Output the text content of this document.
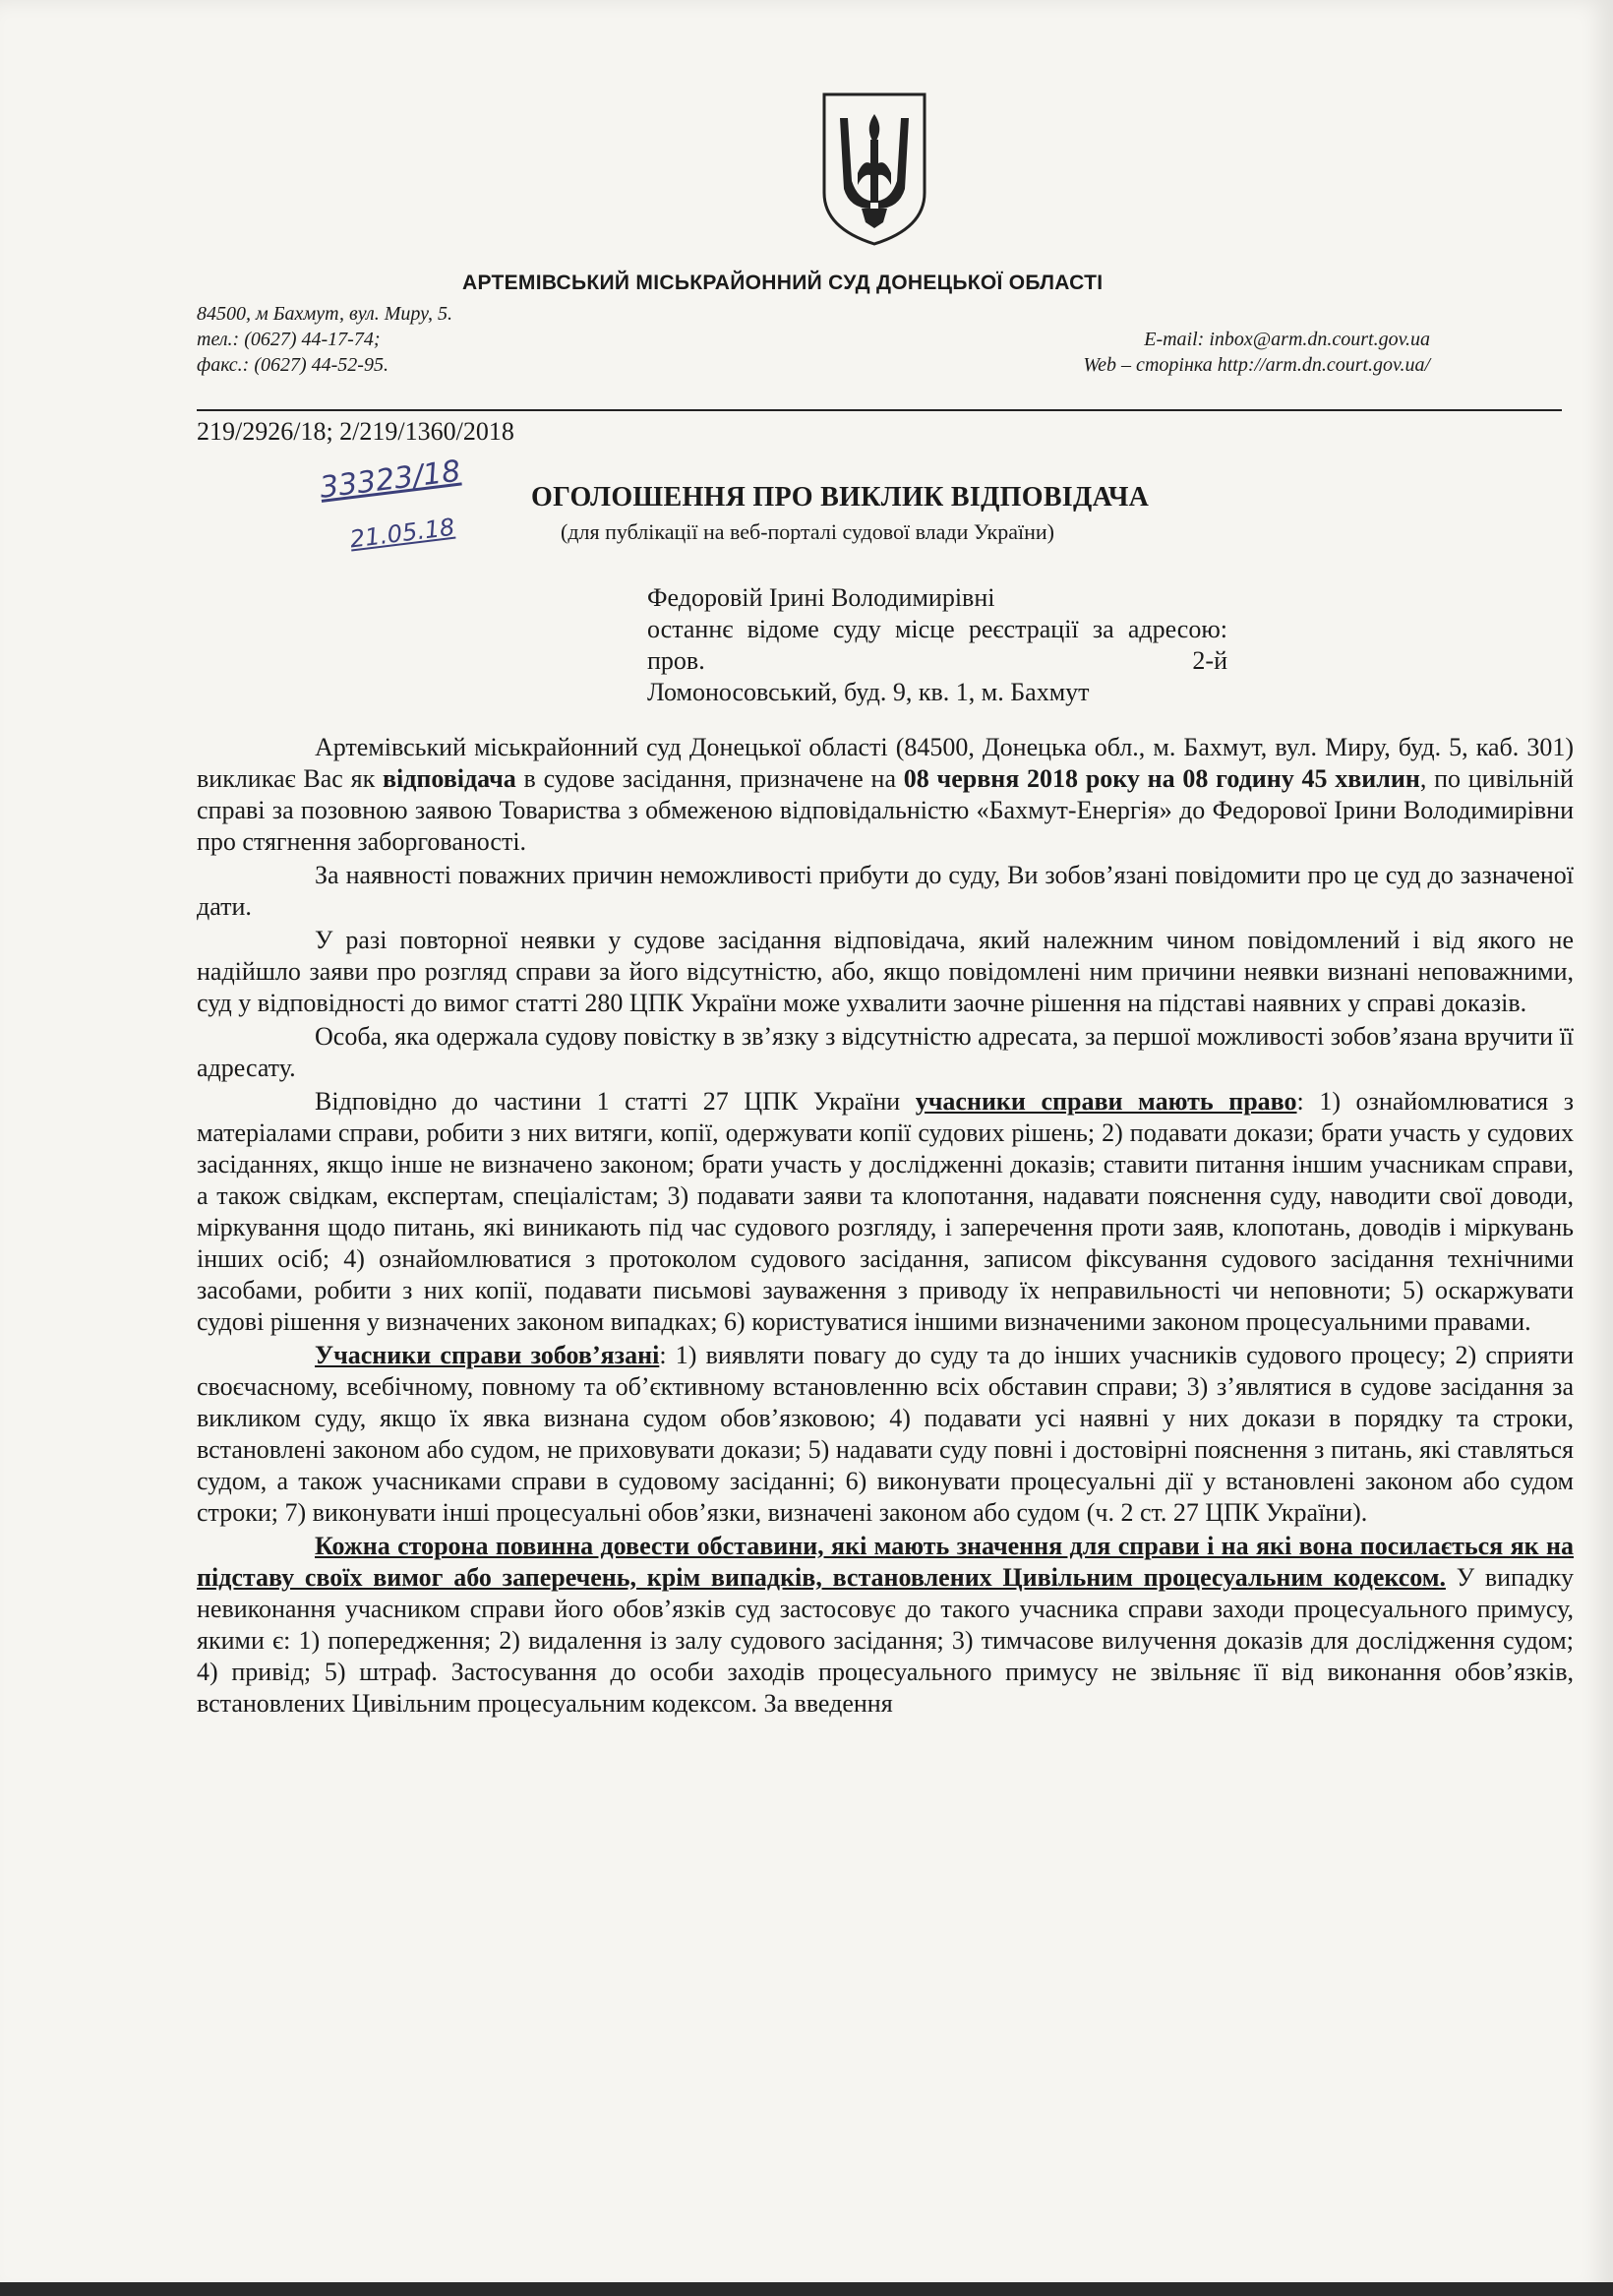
АРТЕМІВСЬКИЙ МІСЬКРАЙОННИЙ СУД ДОНЕЦЬКОЇ ОБЛАСТІ
84500, м Бахмут, вул. Миру, 5.
тел.: (0627) 44-17-74;
факс.: (0627) 44-52-95.
E-mail: inbox@arm.dn.court.gov.ua
Web – сторінка http://arm.dn.court.gov.ua/
219/2926/18; 2/219/1360/2018
33323/18
21.05.18
ОГОЛОШЕННЯ ПРО ВИКЛИК ВІДПОВІДАЧА
(для публікації на веб-порталі судової влади України)
Федоровій Ірині Володимирівні
останнє відоме суду місце реєстрації за адресою: пров. 2-й
Ломоносовський, буд. 9, кв. 1, м. Бахмут

Артемівський міськрайонний суд Донецької області (84500, Донецька обл., м. Бахмут, вул. Миру, буд. 5, каб. 301) викликає Вас як відповідача в судове засідання, призначене на 08 червня 2018 року на 08 годину 45 хвилин, по цивільній справі за позовною заявою Товариства з обмеженою відповідальністю «Бахмут-Енергія» до Федорової Ірини Володимирівни про стягнення заборгованості.

За наявності поважних причин неможливості прибути до суду, Ви зобов’язані повідомити про це суд до зазначеної дати.

У разі повторної неявки у судове засідання відповідача, який належним чином повідомлений і від якого не надійшло заяви про розгляд справи за його відсутністю, або, якщо повідомлені ним причини неявки визнані неповажними, суд у відповідності до вимог статті 280 ЦПК України може ухвалити заочне рішення на підставі наявних у справі доказів.

Особа, яка одержала судову повістку в зв’язку з відсутністю адресата, за першої можливості зобов’язана вручити її адресату.

Відповідно до частини 1 статті 27 ЦПК України учасники справи мають право: 1) ознайомлюватися з матеріалами справи, робити з них витяги, копії, одержувати копії судових рішень; 2) подавати докази; брати участь у судових засіданнях, якщо інше не визначено законом; брати участь у дослідженні доказів; ставити питання іншим учасникам справи, а також свідкам, експертам, спеціалістам; 3) подавати заяви та клопотання, надавати пояснення суду, наводити свої доводи, міркування щодо питань, які виникають під час судового розгляду, і заперечення проти заяв, клопотань, доводів і міркувань інших осіб; 4) ознайомлюватися з протоколом судового засідання, записом фіксування судового засідання технічними засобами, робити з них копії, подавати письмові зауваження з приводу їх неправильності чи неповноти; 5) оскаржувати судові рішення у визначених законом випадках; 6) користуватися іншими визначеними законом процесуальними правами.

Учасники справи зобов’язані: 1) виявляти повагу до суду та до інших учасників судового процесу; 2) сприяти своєчасному, всебічному, повному та об’єктивному встановленню всіх обставин справи; 3) з’являтися в судове засідання за викликом суду, якщо їх явка визнана судом обов’язковою; 4) подавати усі наявні у них докази в порядку та строки, встановлені законом або судом, не приховувати докази; 5) надавати суду повні і достовірні пояснення з питань, які ставляться судом, а також учасниками справи в судовому засіданні; 6) виконувати процесуальні дії у встановлені законом або судом строки; 7) виконувати інші процесуальні обов’язки, визначені законом або судом (ч. 2 ст. 27 ЦПК України).

Кожна сторона повинна довести обставини, які мають значення для справи і на які вона посилається як на підставу своїх вимог або заперечень, крім випадків, встановлених Цивільним процесуальним кодексом. У випадку невиконання учасником справи його обов’язків суд застосовує до такого учасника справи заходи процесуального примусу, якими є: 1) попередження; 2) видалення із залу судового засідання; 3) тимчасове вилучення доказів для дослідження судом; 4) привід; 5) штраф. Застосування до особи заходів процесуального примусу не звільняє її від виконання обов’язків, встановлених Цивільним процесуальним кодексом. За введення
